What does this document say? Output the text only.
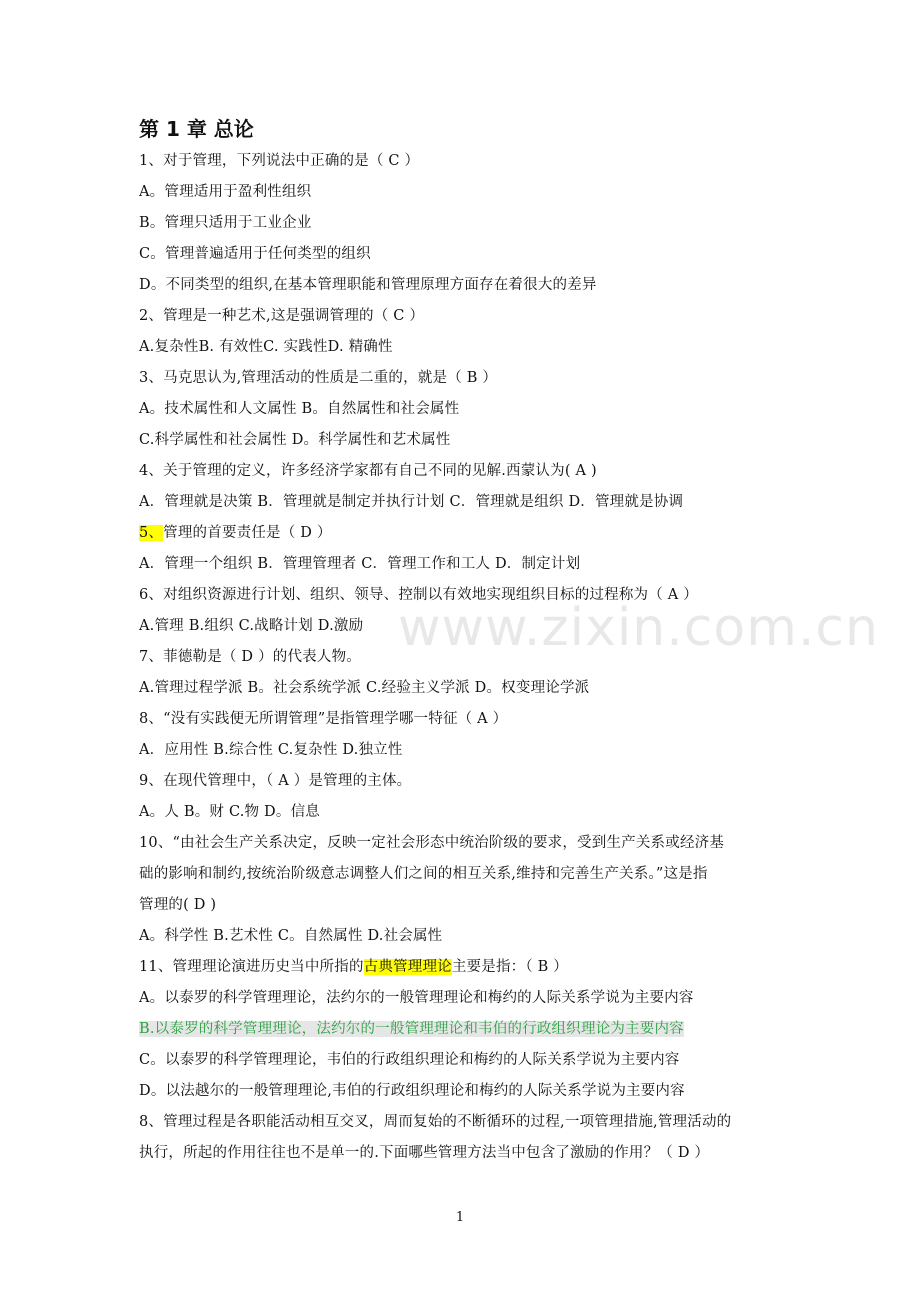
第 1 章 总论
1、对于管理，下列说法中正确的是（ C ）
A。管理适用于盈利性组织
B。管理只适用于工业企业
C。管理普遍适用于任何类型的组织
D。不同类型的组织,在基本管理职能和管理原理方面存在着很大的差异
2、管理是一种艺术,这是强调管理的（ C ）
A.复杂性B. 有效性C. 实践性D. 精确性
3、马克思认为,管理活动的性质是二重的，就是（ B ）
A。技术属性和人文属性 B。自然属性和社会属性
C.科学属性和社会属性 D。科学属性和艺术属性
4、关于管理的定义，许多经济学家都有自己不同的见解.西蒙认为( A )
A．管理就是决策 B．管理就是制定并执行计划 C．管理就是组织 D．管理就是协调
5、管理的首要责任是（ D ）
A．管理一个组织 B．管理管理者 C．管理工作和工人 D．制定计划
6、对组织资源进行计划、组织、领导、控制以有效地实现组织目标的过程称为（ A ）
A.管理 B.组织 C.战略计划 D.激励
7、菲德勒是（ D ）的代表人物。
A.管理过程学派 B。社会系统学派 C.经验主义学派 D。权变理论学派
8、“没有实践便无所谓管理”是指管理学哪一特征（ A ）
A．应用性 B.综合性 C.复杂性 D.独立性
9、在现代管理中，（ A ）是管理的主体。
A。人 B。财 C.物 D。信息
10、“由社会生产关系决定，反映一定社会形态中统治阶级的要求，受到生产关系或经济基
础的影响和制约,按统治阶级意志调整人们之间的相互关系,维持和完善生产关系。”这是指
管理的( D )
A。科学性 B.艺术性 C。自然属性 D.社会属性
11、管理理论演进历史当中所指的古典管理理论主要是指：（ B ）
A。以泰罗的科学管理理论，法约尔的一般管理理论和梅约的人际关系学说为主要内容
B.以泰罗的科学管理理论，法约尔的一般管理理论和韦伯的行政组织理论为主要内容
C。以泰罗的科学管理理论，韦伯的行政组织理论和梅约的人际关系学说为主要内容
D。以法越尔的一般管理理论,韦伯的行政组织理论和梅约的人际关系学说为主要内容
8、管理过程是各职能活动相互交叉，周而复始的不断循环的过程,一项管理措施,管理活动的
执行，所起的作用往往也不是单一的.下面哪些管理方法当中包含了激励的作用？（ D ）
www.zixin.com.cn
1
